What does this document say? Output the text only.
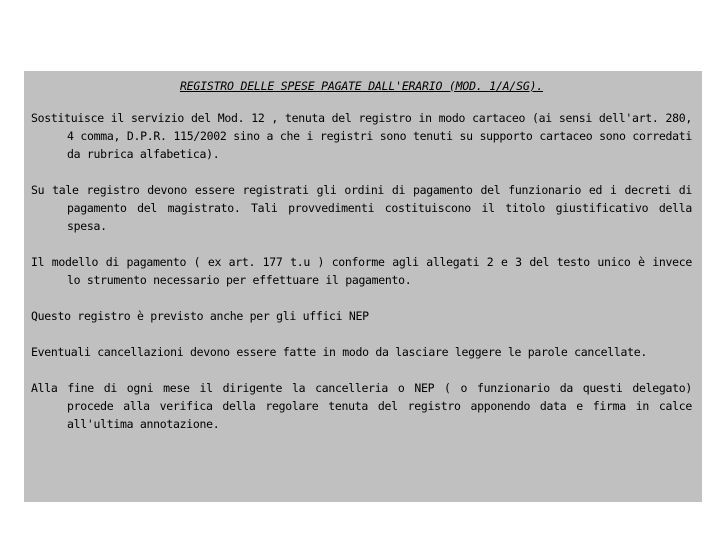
REGISTRO DELLE SPESE PAGATE DALL'ERARIO (MOD. 1/A/SG).
Sostituisce il servizio del Mod. 12 , tenuta del registro in modo cartaceo (ai sensi dell'art. 280, 4 comma, D.P.R. 115/2002 sino a che i registri sono tenuti su supporto cartaceo sono corredati da rubrica alfabetica).
Su tale registro devono essere registrati gli ordini di pagamento del funzionario ed i decreti di pagamento del magistrato. Tali provvedimenti costituiscono il titolo giustificativo della spesa.
Il modello di pagamento ( ex art. 177 t.u ) conforme agli allegati 2 e 3 del testo unico è invece lo strumento necessario per effettuare il pagamento.
Questo registro è previsto anche per gli uffici NEP
Eventuali cancellazioni devono essere fatte in modo da lasciare leggere le parole cancellate.
Alla fine di ogni mese il dirigente la cancelleria o NEP ( o funzionario da questi delegato) procede alla verifica della regolare tenuta del registro apponendo data e firma in calce all'ultima annotazione.
